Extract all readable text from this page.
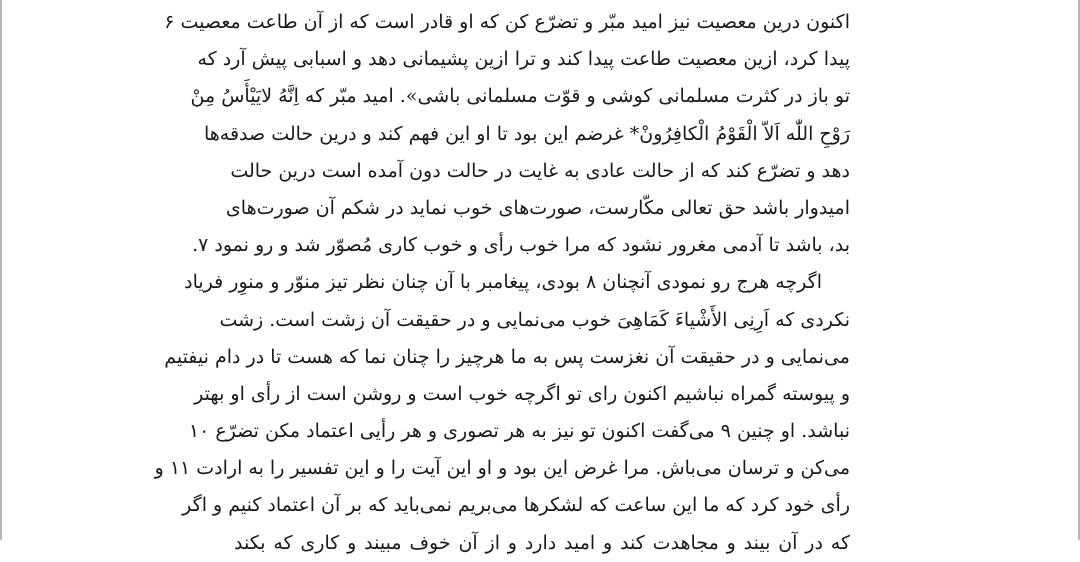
اکنون درین معصیت نیز امید مبّر و تضرّع کن که او قادر است که از آن طاعت معصیت ۶
پیدا کرد، ازین معصیت طاعت پیدا کند و ترا ازین پشیمانی دهد و اسبابی پیش آرد که
تو باز در کثرت مسلمانی کوشی و قوّت مسلمانی باشی». امید مبّر که اِنَّهُ لایَیْأَسُ مِنْ
رَوْحِ اللّٰه اَلاّ الْقَوْمُ الْکافِرُونْ* غرضم این بود تا او این فهم کند و درین حالت صدقه‌ها
دهد و تضرّع کند که از حالت عادی به غایت در حالت دون آمده است درین حالت
امیدوار باشد حق تعالی مکّارست، صورت‌های خوب نماید در شکم آن صورت‌های
بد، باشد تا آدمی مغرور نشود که مرا خوب رأی و خوب کاری مُصوّر شد و رو نمود ۷.
اگرچه هرج رو نمودی آنچنان ۸ بودی، پیغامبر با آن چنان نظر تیز منوّر و منوِر فریاد
نکردی که اَرِنِی الأَشْیاءَ کَمَاهِیَ خوب می‌نمایی و در حقیقت آن زشت است. زشت
می‌نمایی و در حقیقت آن نغزست پس به ما هرچیز را چنان نما که هست تا در دام نیفتیم
و پیوسته گمراه نباشیم اکنون رای تو اگرچه خوب است و روشن است از رأی او بهتر
نباشد. او چنین ۹ می‌گفت اکنون تو نیز به هر تصوری و هر رأیی اعتماد مکن تضرّع ۱۰
می‌کن و ترسان می‌باش. مرا غرض این بود و او این آیت را و این تفسیر را به ارادت ۱۱ و
رأی خود کرد که ما این ساعت که لشکرها می‌بریم نمی‌باید که بر آن اعتماد کنیم و اگر
که در آن بیند و مجاهدت کند و امید دارد و از آن خوف مبیند و کاری که بکند
